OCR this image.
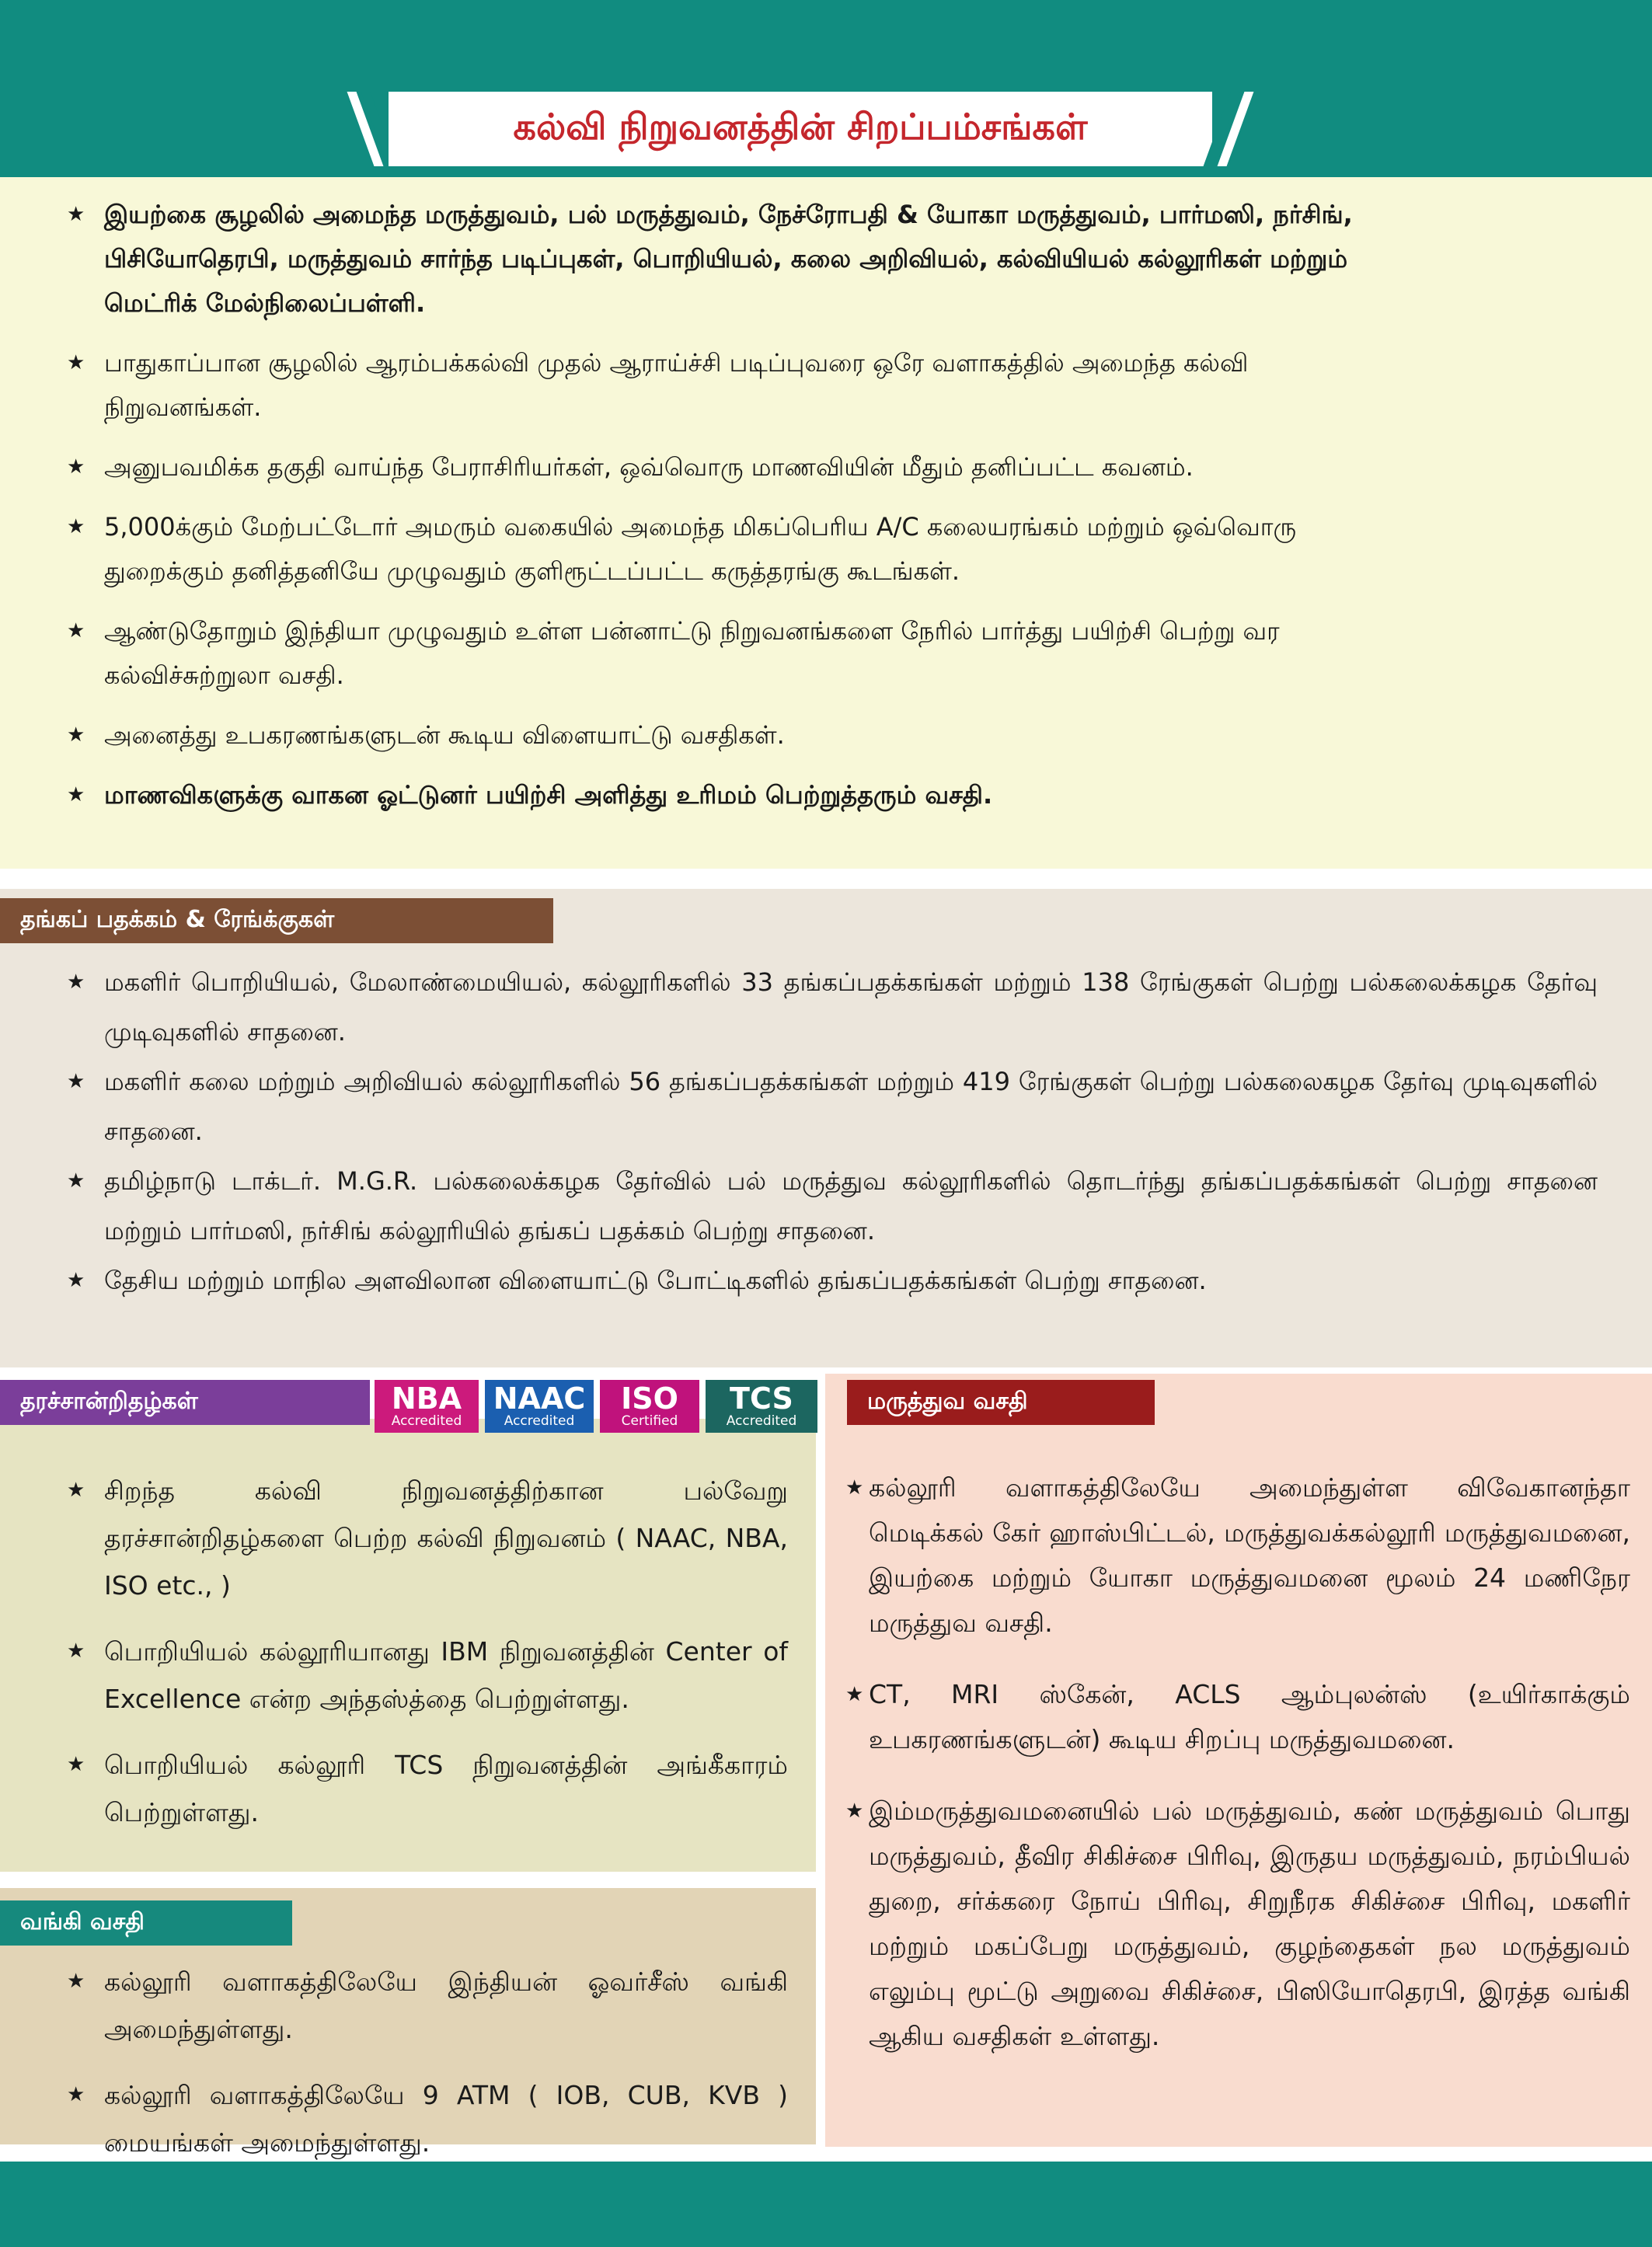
கல்வி நிறுவனத்தின் சிறப்பம்சங்கள்
★ இயற்கை சூழலில் அமைந்த மருத்துவம், பல் மருத்துவம், நேச்ரோபதி & யோகா மருத்துவம், பார்மஸி, நர்சிங், பிசியோதெரபி, மருத்துவம் சார்ந்த படிப்புகள், பொறியியல், கலை அறிவியல், கல்வியியல் கல்லூரிகள் மற்றும் மெட்ரிக் மேல்நிலைப்பள்ளி.
★ பாதுகாப்பான சூழலில் ஆரம்பக்கல்வி முதல் ஆராய்ச்சி படிப்புவரை ஒரே வளாகத்தில் அமைந்த கல்வி நிறுவனங்கள்.
★ அனுபவமிக்க தகுதி வாய்ந்த பேராசிரியர்கள், ஒவ்வொரு மாணவியின் மீதும் தனிப்பட்ட கவனம்.
★ 5,000க்கும் மேற்பட்டோர் அமரும் வகையில் அமைந்த மிகப்பெரிய A/C கலையரங்கம் மற்றும் ஒவ்வொரு துறைக்கும் தனித்தனியே முழுவதும் குளிரூட்டப்பட்ட கருத்தரங்கு கூடங்கள்.
★ ஆண்டுதோறும் இந்தியா முழுவதும் உள்ள பன்னாட்டு நிறுவனங்களை நேரில் பார்த்து பயிற்சி பெற்று வர கல்விச்சுற்றுலா வசதி.
★ அனைத்து உபகரணங்களுடன் கூடிய விளையாட்டு வசதிகள்.
★ மாணவிகளுக்கு வாகன ஓட்டுனர் பயிற்சி அளித்து உரிமம் பெற்றுத்தரும் வசதி.
தங்கப் பதக்கம் & ரேங்க்குகள்
★ மகளிர் பொறியியல், மேலாண்மையியல், கல்லூரிகளில் 33 தங்கப்பதக்கங்கள் மற்றும் 138 ரேங்குகள் பெற்று பல்கலைக்கழக தேர்வு முடிவுகளில் சாதனை.
★ மகளிர் கலை மற்றும் அறிவியல் கல்லூரிகளில் 56 தங்கப்பதக்கங்கள் மற்றும் 419 ரேங்குகள் பெற்று பல்கலைகழக தேர்வு முடிவுகளில் சாதனை.
★ தமிழ்நாடு டாக்டர். M.G.R. பல்கலைக்கழக தேர்வில் பல் மருத்துவ கல்லூரிகளில் தொடர்ந்து தங்கப்பதக்கங்கள் பெற்று சாதனை மற்றும் பார்மஸி, நர்சிங் கல்லூரியில் தங்கப் பதக்கம் பெற்று சாதனை.
★ தேசிய மற்றும் மாநில அளவிலான விளையாட்டு போட்டிகளில் தங்கப்பதக்கங்கள் பெற்று சாதனை.
தரச்சான்றிதழ்கள்	NBA
Accredited
NAAC
Accredited
ISO
Certified
TCS
Accredited
★ சிறந்த கல்வி நிறுவனத்திற்கான பல்வேறு தரச்சான்றிதழ்களை பெற்ற கல்வி நிறுவனம் ( NAAC, NBA, ISO etc., )
★ பொறியியல் கல்லூரியானது IBM நிறுவனத்தின் Center of Excellence என்ற அந்தஸ்த்தை பெற்றுள்ளது.
★ பொறியியல் கல்லூரி TCS நிறுவனத்தின் அங்கீகாரம் பெற்றுள்ளது.
வங்கி வசதி
★ கல்லூரி வளாகத்திலேயே இந்தியன் ஓவர்சீஸ் வங்கி அமைந்துள்ளது.
★ கல்லூரி வளாகத்திலேயே 9 ATM ( IOB, CUB, KVB ) மையங்கள் அமைந்துள்ளது.
மருத்துவ வசதி
★ கல்லூரி வளாகத்திலேயே அமைந்துள்ள விவேகானந்தா மெடிக்கல் கேர் ஹாஸ்பிட்டல், மருத்துவக்கல்லூரி மருத்துவமனை, இயற்கை மற்றும் யோகா மருத்துவமனை மூலம் 24 மணிநேர மருத்துவ வசதி.
★ CT, MRI ஸ்கேன், ACLS ஆம்புலன்ஸ் (உயிர்காக்கும் உபகரணங்களுடன்) கூடிய சிறப்பு மருத்துவமனை.
★ இம்மருத்துவமனையில் பல் மருத்துவம், கண் மருத்துவம் பொது மருத்துவம், தீவிர சிகிச்சை பிரிவு, இருதய மருத்துவம், நரம்பியல் துறை, சர்க்கரை நோய் பிரிவு, சிறுநீரக சிகிச்சை பிரிவு, மகளிர் மற்றும் மகப்பேறு மருத்துவம், குழந்தைகள் நல மருத்துவம் எலும்பு மூட்டு அறுவை சிகிச்சை, பிஸியோதெரபி, இரத்த வங்கி ஆகிய வசதிகள் உள்ளது.
